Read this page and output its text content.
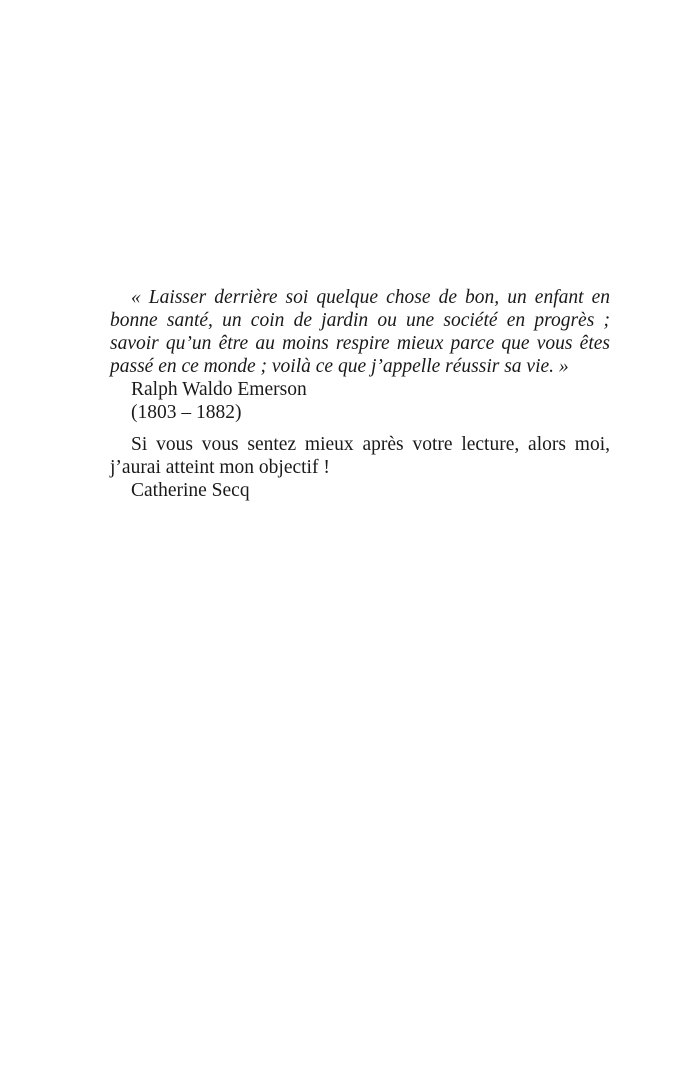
« Laisser derrière soi quelque chose de bon, un enfant en
bonne santé, un coin de jardin ou une société en progrès ;
savoir qu’un être au moins respire mieux parce que vous êtes
passé en ce monde ; voilà ce que j’appelle réussir sa vie. »
Ralph Waldo Emerson
(1803 – 1882)
Si vous vous sentez mieux après votre lecture, alors moi,
j’aurai atteint mon objectif !
Catherine Secq
